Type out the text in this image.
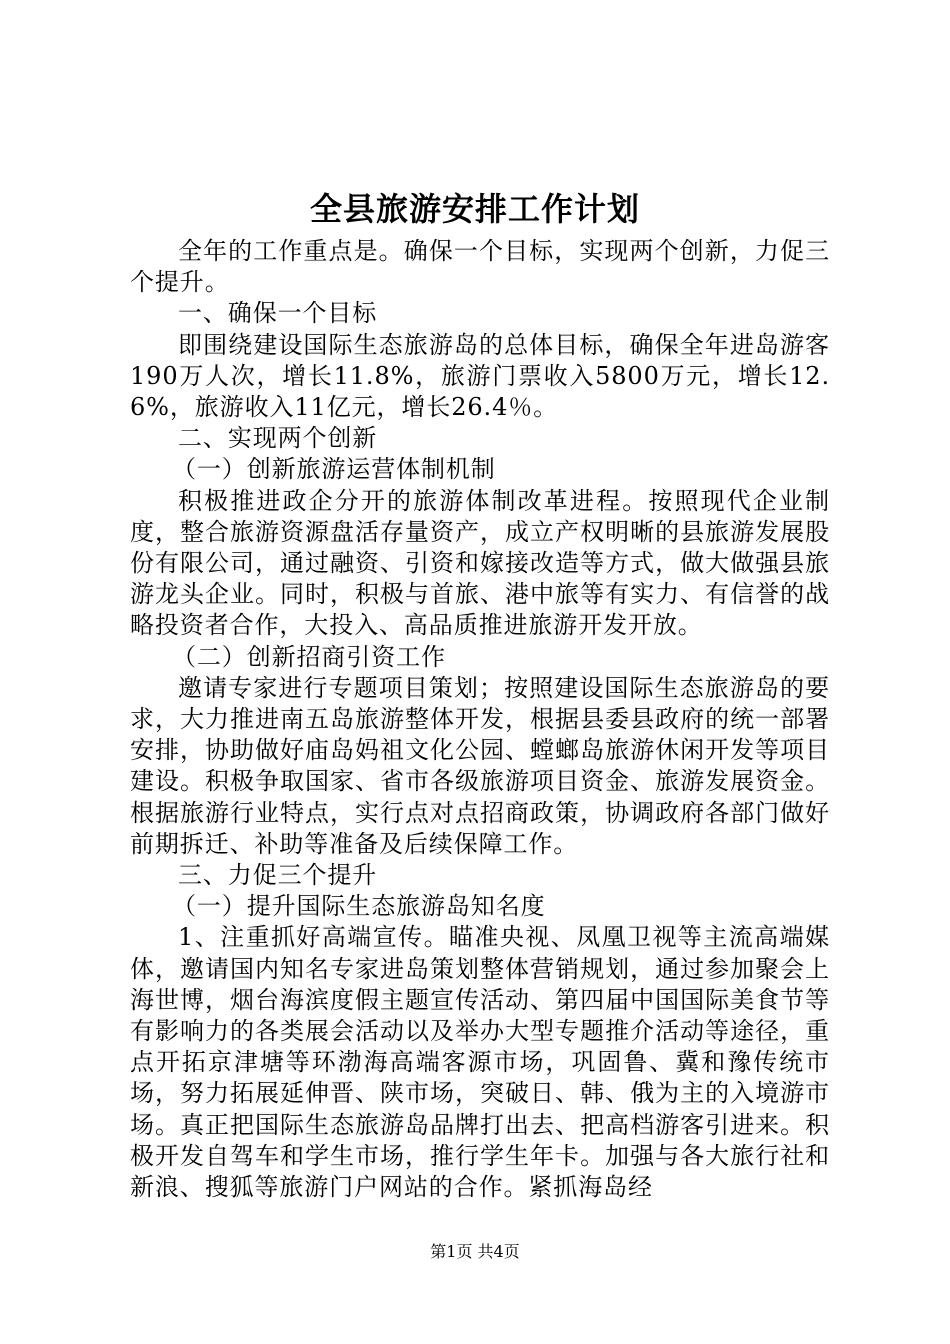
全县旅游安排工作计划

全年的工作重点是。确保一个目标，实现两个创新，力促三个提升。

一、确保一个目标

即围绕建设国际生态旅游岛的总体目标，确保全年进岛游客190万人次，增长11.8%，旅游门票收入5800万元，增长12.6%，旅游收入11亿元，增长26.4％。

二、实现两个创新

（一）创新旅游运营体制机制

积极推进政企分开的旅游体制改革进程。按照现代企业制度，整合旅游资源盘活存量资产，成立产权明晰的县旅游发展股份有限公司，通过融资、引资和嫁接改造等方式，做大做强县旅游龙头企业。同时，积极与首旅、港中旅等有实力、有信誉的战略投资者合作，大投入、高品质推进旅游开发开放。

（二）创新招商引资工作

邀请专家进行专题项目策划；按照建设国际生态旅游岛的要求，大力推进南五岛旅游整体开发，根据县委县政府的统一部署安排，协助做好庙岛妈祖文化公园、螳螂岛旅游休闲开发等项目建设。积极争取国家、省市各级旅游项目资金、旅游发展资金。根据旅游行业特点，实行点对点招商政策，协调政府各部门做好前期拆迁、补助等准备及后续保障工作。

三、力促三个提升

（一）提升国际生态旅游岛知名度

1、注重抓好高端宣传。瞄准央视、凤凰卫视等主流高端媒体，邀请国内知名专家进岛策划整体营销规划，通过参加聚会上海世博，烟台海滨度假主题宣传活动、第四届中国国际美食节等有影响力的各类展会活动以及举办大型专题推介活动等途径，重点开拓京津塘等环渤海高端客源市场，巩固鲁、冀和豫传统市场，努力拓展延伸晋、陕市场，突破日、韩、俄为主的入境游市场。真正把国际生态旅游岛品牌打出去、把高档游客引进来。积极开发自驾车和学生市场，推行学生年卡。加强与各大旅行社和新浪、搜狐等旅游门户网站的合作。紧抓海岛经

第1页 共4页
